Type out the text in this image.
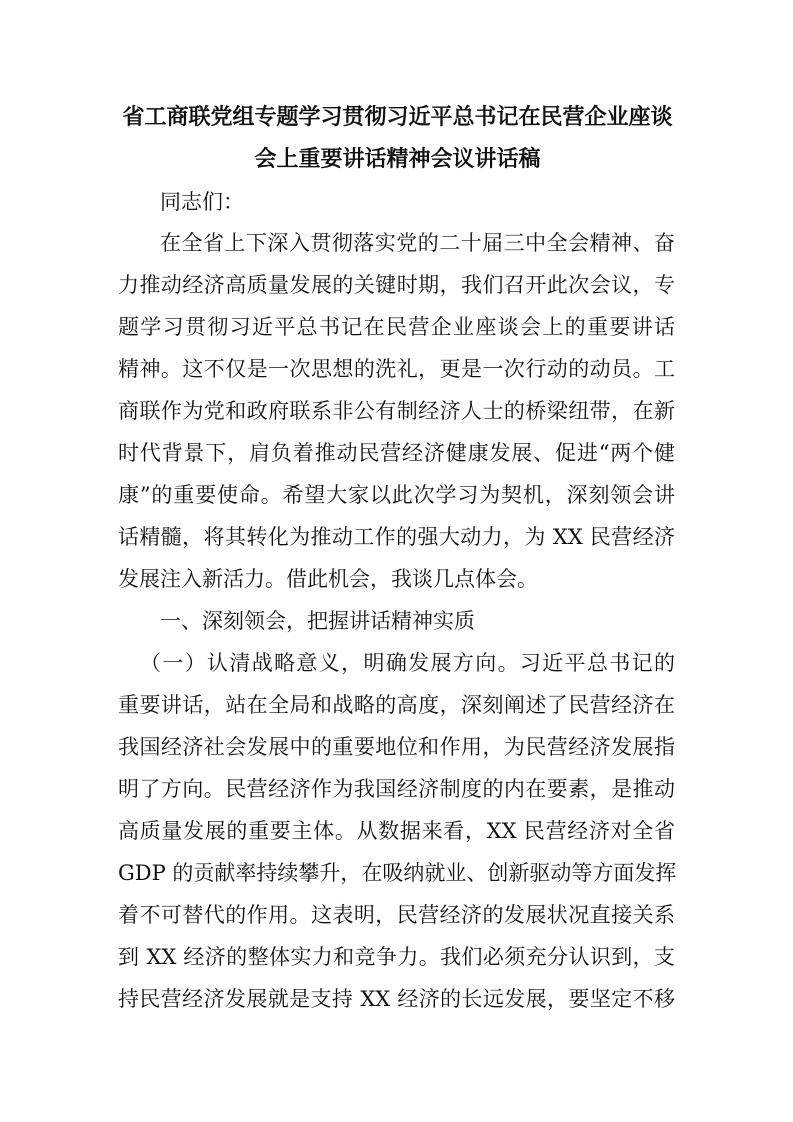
省工商联党组专题学习贯彻习近平总书记在民营企业座谈
会上重要讲话精神会议讲话稿

同志们：

在全省上下深入贯彻落实党的二十届三中全会精神、奋

力推动经济高质量发展的关键时期，我们召开此次会议，专

题学习贯彻习近平总书记在民营企业座谈会上的重要讲话

精神。这不仅是一次思想的洗礼，更是一次行动的动员。工

商联作为党和政府联系非公有制经济人士的桥梁纽带，在新

时代背景下，肩负着推动民营经济健康发展、促进“两个健

康”的重要使命。希望大家以此次学习为契机，深刻领会讲

话精髓，将其转化为推动工作的强大动力，为 XX 民营经济

发展注入新活力。借此机会，我谈几点体会。

一、深刻领会，把握讲话精神实质

（一）认清战略意义，明确发展方向。习近平总书记的

重要讲话，站在全局和战略的高度，深刻阐述了民营经济在

我国经济社会发展中的重要地位和作用，为民营经济发展指

明了方向。民营经济作为我国经济制度的内在要素，是推动

高质量发展的重要主体。从数据来看，XX 民营经济对全省

GDP 的贡献率持续攀升，在吸纳就业、创新驱动等方面发挥

着不可替代的作用。这表明，民营经济的发展状况直接关系

到 XX 经济的整体实力和竞争力。我们必须充分认识到，支

持民营经济发展就是支持 XX 经济的长远发展，要坚定不移
